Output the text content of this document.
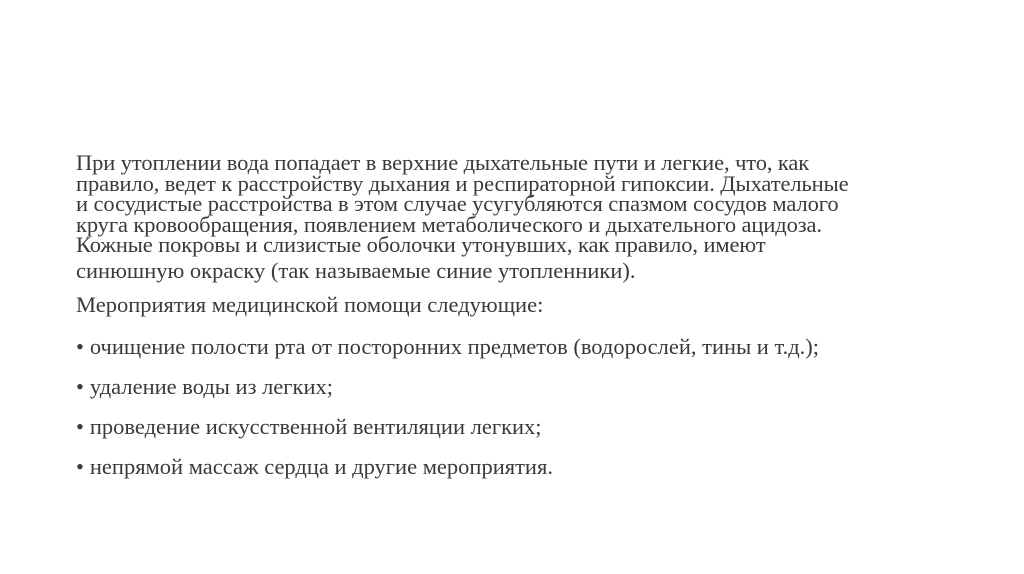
При утоплении вода попадает в верхние дыхательные пути и легкие, что, как
правило, ведет к расстройству дыхания и респираторной гипоксии. Дыхательные
и сосудистые расстройства в этом случае усугубляются спазмом сосудов малого
круга кровообращения, появлением метаболического и дыхательного ацидоза.
Кожные покровы и слизистые оболочки утонувших, как правило, имеют

синюшную окраску (так называемые синие утопленники).

Мероприятия медицинской помощи следующие:

• очищение полости рта от посторонних предметов (водорослей, тины и т.д.);
• удаление воды из легких;
• проведение искусственной вентиляции легких;
• непрямой массаж сердца и другие мероприятия.
